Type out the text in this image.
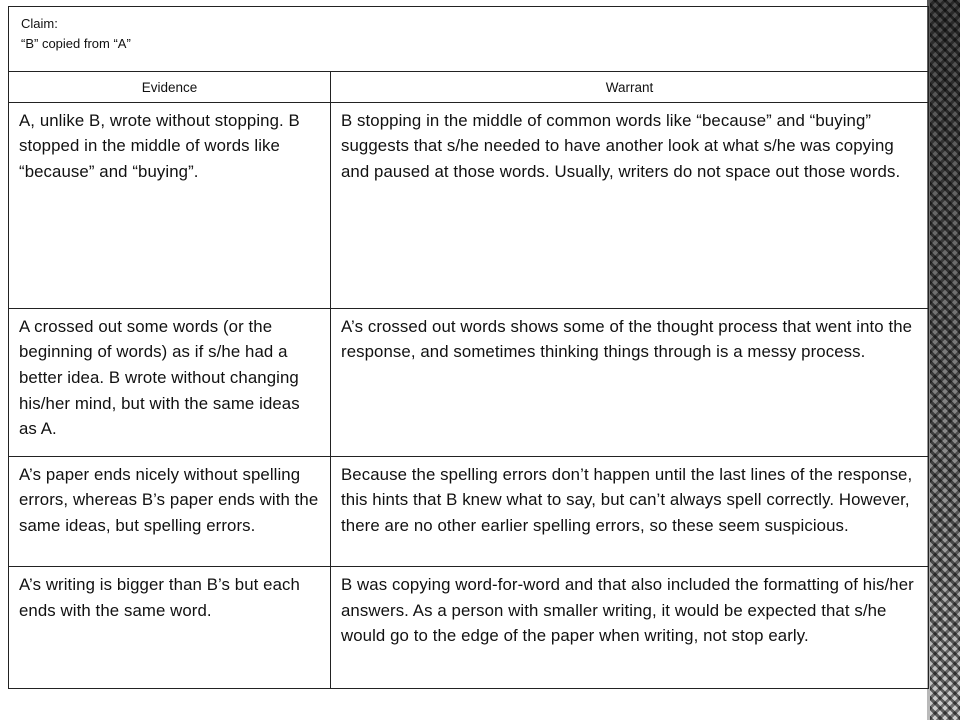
Claim:
“B” copied from “A”	

Evidence	Warrant

A, unlike B, wrote without stopping. B stopped in the middle of words like “because” and “buying”.	B stopping in the middle of common words like “because” and “buying” suggests that s/he needed to have another look at what s/he was copying and paused at those words. Usually, writers do not space out those words.

A crossed out some words (or the beginning of words) as if s/he had a better idea. B wrote without changing his/her mind, but with the same ideas as A.	A’s crossed out words shows some of the thought process that went into the response, and sometimes thinking things through is a messy process.

A’s paper ends nicely without spelling errors, whereas B’s paper ends with the same ideas, but spelling errors.	Because the spelling errors don’t happen until the last lines of the response, this hints that B knew what to say, but can’t always spell correctly. However, there are no other earlier spelling errors, so these seem suspicious.

A’s writing is bigger than B’s but each ends with the same word.	B was copying word-for-word and that also included the formatting of his/her answers. As a person with smaller writing, it would be expected that s/he would go to the edge of the paper when writing, not stop early.
